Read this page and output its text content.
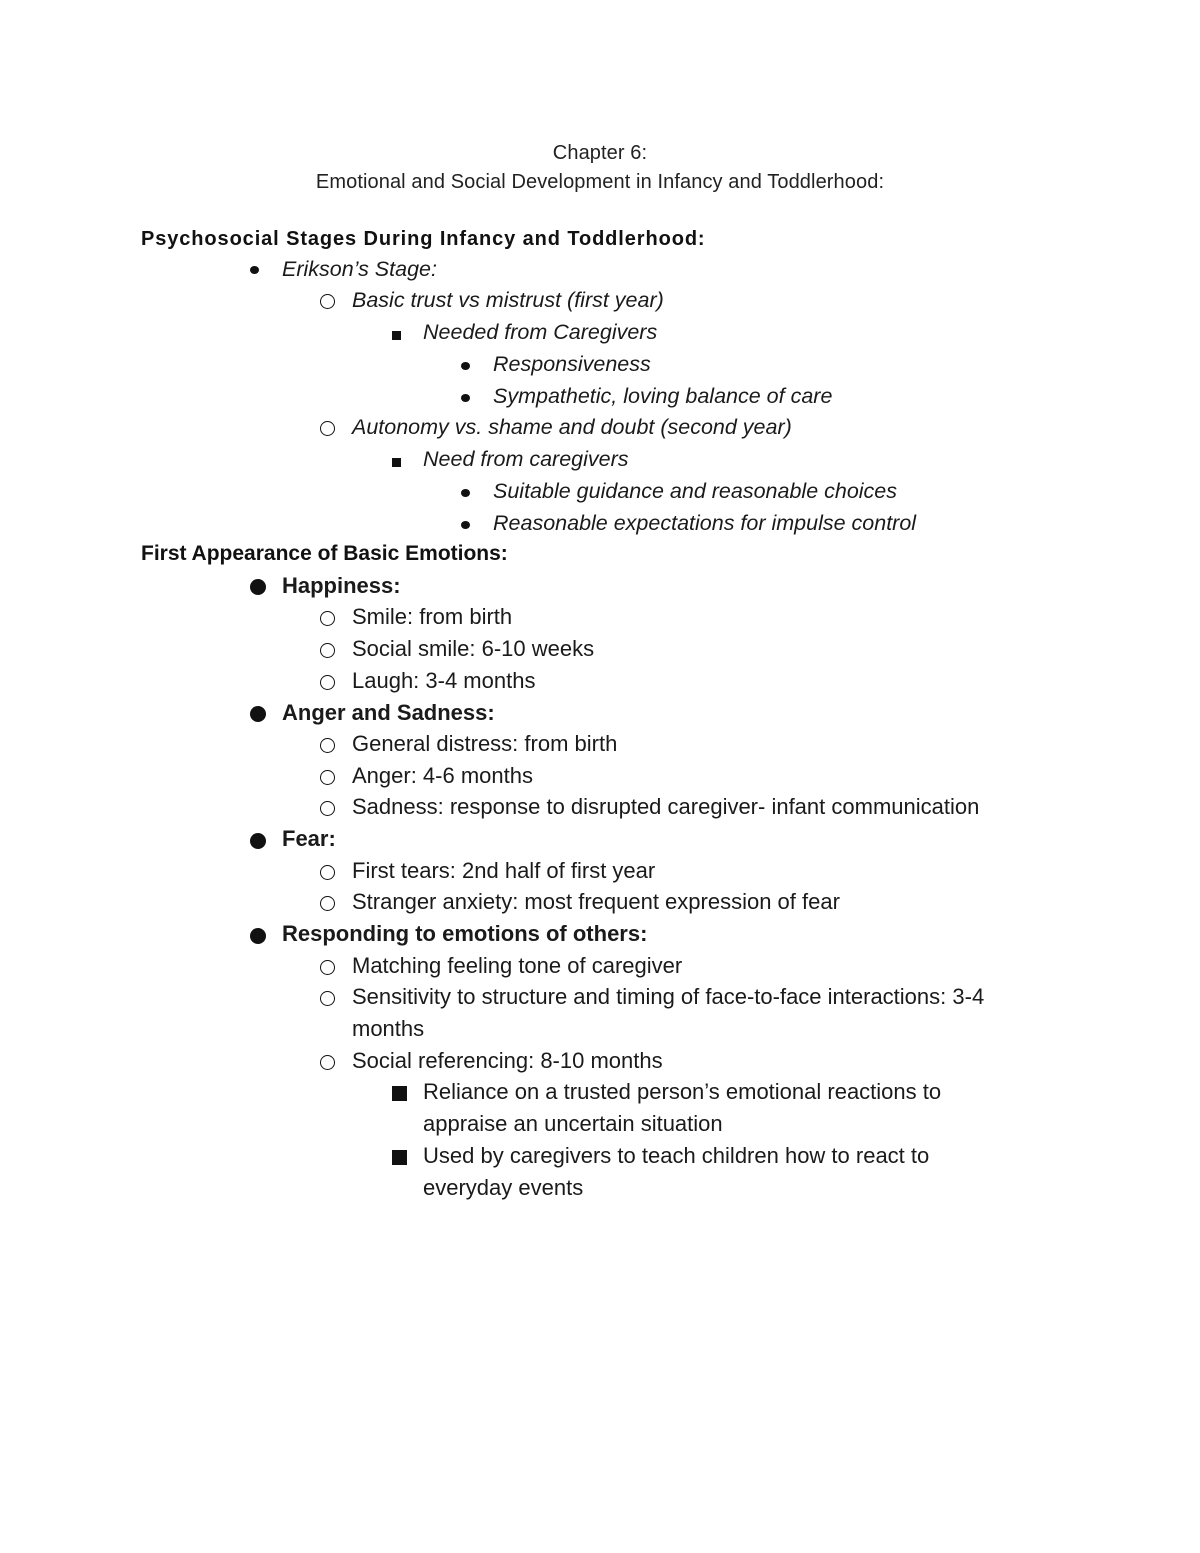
Chapter 6:
Emotional and Social Development in Infancy and Toddlerhood:
Psychosocial Stages During Infancy and Toddlerhood:
Erikson’s Stage:
Basic trust vs mistrust (first year)
Needed from Caregivers
Responsiveness
Sympathetic, loving balance of care
Autonomy vs. shame and doubt (second year)
Need from caregivers
Suitable guidance and reasonable choices
Reasonable expectations for impulse control
First Appearance of Basic Emotions:
Happiness:
Smile: from birth
Social smile: 6-10 weeks
Laugh: 3-4 months
Anger and Sadness:
General distress: from birth
Anger: 4-6 months
Sadness: response to disrupted caregiver- infant communication
Fear:
First tears: 2nd half of first year
Stranger anxiety: most frequent expression of fear
Responding to emotions of others:
Matching feeling tone of caregiver
Sensitivity to structure and timing of face-to-face interactions: 3-4 months
Social referencing: 8-10 months
Reliance on a trusted person’s emotional reactions to appraise an uncertain situation
Used by caregivers to teach children how to react to everyday events
